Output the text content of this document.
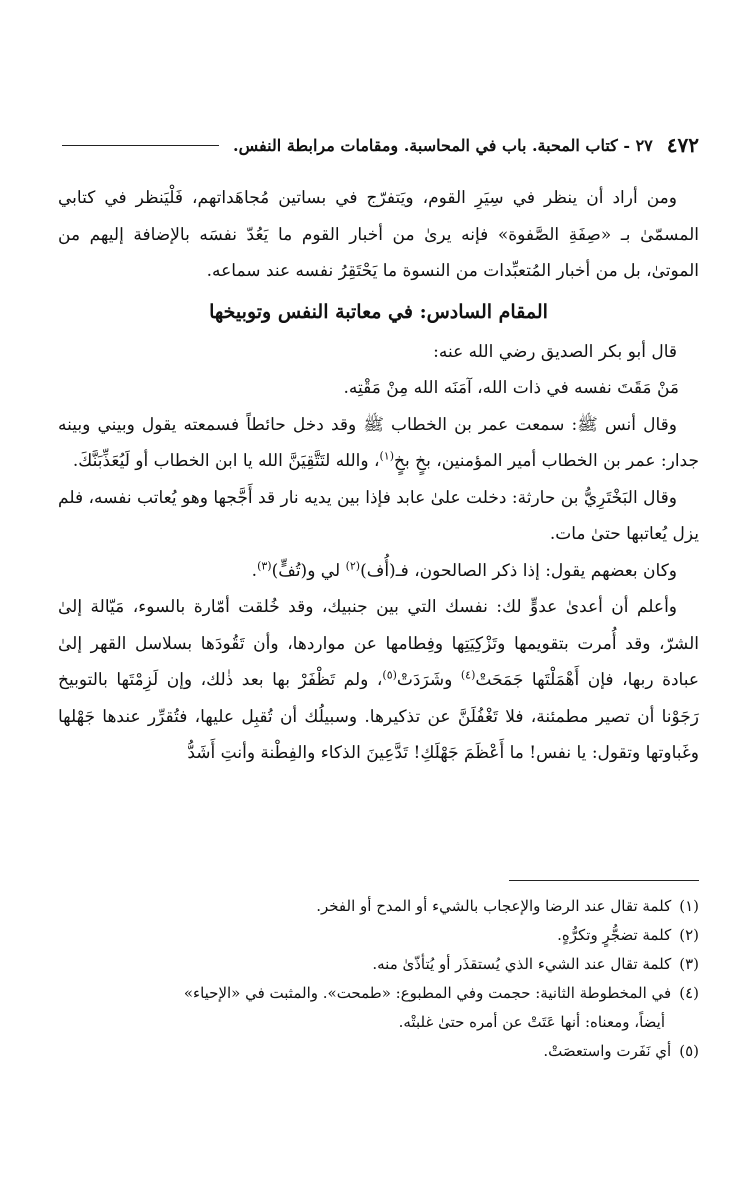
٤٧٢
٢٧ - كتاب المحبة. باب في المحاسبة. ومقامات مرابطة النفس.

ومن أراد أن ينظر في سِيَرِ القوم، ويَتفرّج في بساتين مُجاهَداتهم، فَلْيَنظر في كتابي المسمّىٰ بـ «صِفَةِ الصَّفوة» فإنه يرىٰ من أخبار القوم ما يَعُدّ نفسَه بالإضافة إليهم من الموتىٰ، بل من أخبار المُتعبِّدات من النسوة ما يَحْتَقِرُ نفسه عند سماعه.

المقام السادس: في معاتبة النفس وتوبيخها

قال أبو بكر الصديق رضي الله عنه:

مَنْ مَقَتَ نفسه في ذات الله، آمَنَه الله مِنْ مَقْتِه.

وقال أنس ﷺ: سمعت عمر بن الخطاب ﷺ وقد دخل حائطاً فسمعته يقول وبيني وبينه جدار: عمر بن الخطاب أمير المؤمنين، بخٍ بخٍ$^{(١)}$، والله لتَتَّقِيَنَّ الله يا ابن الخطاب أو لَيُعَذِّبَنَّكَ.

وقال البَخْتَرِيُّ بن حارثة: دخلت علىٰ عابد فإذا بين يديه نار قد أَجَّجها وهو يُعاتب نفسه، فلم يزل يُعاتبها حتىٰ مات.

وكان بعضهم يقول: إذا ذكر الصالحون، فـ(أُف)$^{(٢)}$ لي و(تُفٍّ)$^{(٣)}$.

وأعلم أن أعدىٰ عدوٍّ لك: نفسك التي بين جنبيك، وقد خُلقت أمّارة بالسوء، مَيّالة إلىٰ الشرّ، وقد أُمرت بتقويمها وتَزْكِيَتِها وفِطامها عن مواردها، وأن تَقُودَها بسلاسل القهر إلىٰ عبادة ربها، فإن أَهْمَلْتَها جَمَحَتْ$^{(٤)}$ وشَرَدَتْ$^{(٥)}$، ولم تَظْفَرْ بها بعد ذٰلك، وإن لَزِمْتَها بالتوبيخ رَجَوْنا أن تصير مطمئنة، فلا تَغْفُلَنَّ عن تذكيرها. وسبيلُك أن تُقبِل عليها، فتُقرِّر عندها جَهْلها وغَباوتها وتقول: يا نفس! ما أَعْظَمَ جَهْلَكِ! تَدَّعِينَ الذكاء والفِطْنة وأنتِ أَشَدُّ

(١)
كلمة تقال عند الرضا والإعجاب بالشيء أو المدح أو الفخر.
(٢)
كلمة تضجُّرٍ وتكرُّهٍ.
(٣)
كلمة تقال عند الشيء الذي يُستقذَر أو يُتأذّىٰ منه.
(٤)
في المخطوطة الثانية: حجمت وفي المطبوع: «طمحت». والمثبت في «الإحياء»
أيضاً، ومعناه: أنها عَتَتْ عن أمره حتىٰ غلبتْه.
(٥)
أي نَفَرت واستعصَتْ.
